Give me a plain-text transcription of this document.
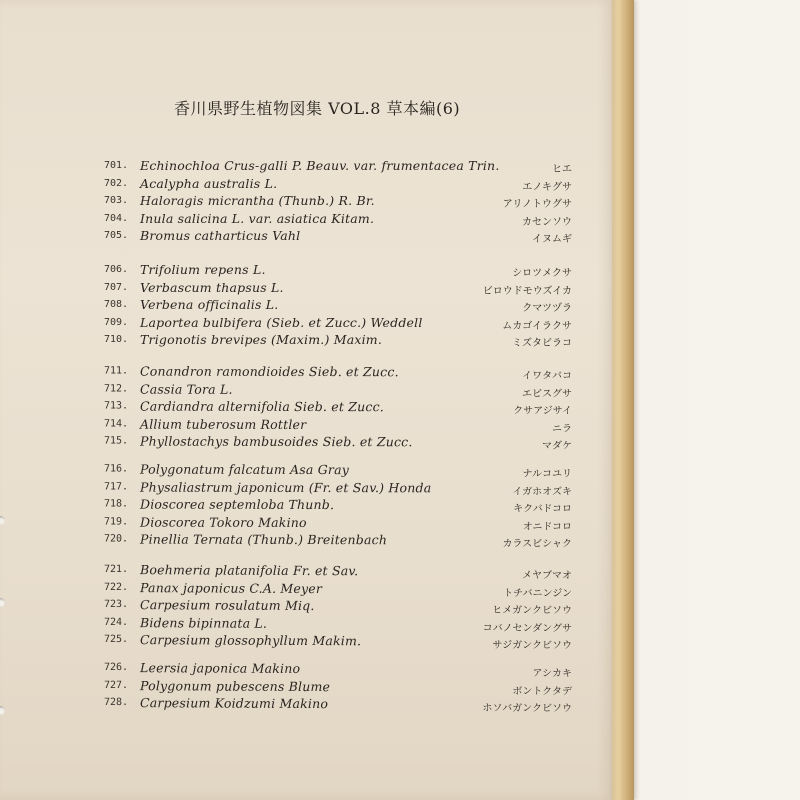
香川県野生植物図集 VOL.8 草本編(6)
701. Echinochloa Crus-galli P. Beauv. var. frumentacea Trin.	ヒエ
702. Acalypha australis L.	エノキグサ
703. Haloragis micrantha (Thunb.) R. Br.	アリノトウグサ
704. Inula salicina L. var. asiatica Kitam.	カセンソウ
705. Bromus catharticus Vahl	イヌムギ
706. Trifolium repens L.	シロツメクサ
707. Verbascum thapsus L.	ビロウドモウズイカ
708. Verbena officinalis L.	クマツヅラ
709. Laportea bulbifera (Sieb. et Zucc.) Weddell	ムカゴイラクサ
710. Trigonotis brevipes (Maxim.) Maxim.	ミズタビラコ
711. Conandron ramondioides Sieb. et Zucc.	イワタバコ
712. Cassia Tora L.	エビスグサ
713. Cardiandra alternifolia Sieb. et Zucc.	クサアジサイ
714. Allium tuberosum Rottler	ニラ
715. Phyllostachys bambusoides Sieb. et Zucc.	マダケ
716. Polygonatum falcatum Asa Gray	ナルコユリ
717. Physaliastrum japonicum (Fr. et Sav.) Honda	イガホオズキ
718. Dioscorea septemloba Thunb.	キクバドコロ
719. Dioscorea Tokoro Makino	オニドコロ
720. Pinellia Ternata (Thunb.) Breitenbach	カラスビシャク
721. Boehmeria platanifolia Fr. et Sav.	メヤブマオ
722. Panax japonicus C.A. Meyer	トチバニンジン
723. Carpesium rosulatum Miq.	ヒメガンクビソウ
724. Bidens bipinnata L.	コバノセンダングサ
725. Carpesium glossophyllum Makim.	サジガンクビソウ
726. Leersia japonica Makino	アシカキ
727. Polygonum pubescens Blume	ボントクタデ
728. Carpesium Koidzumi Makino	ホソバガンクビソウ
